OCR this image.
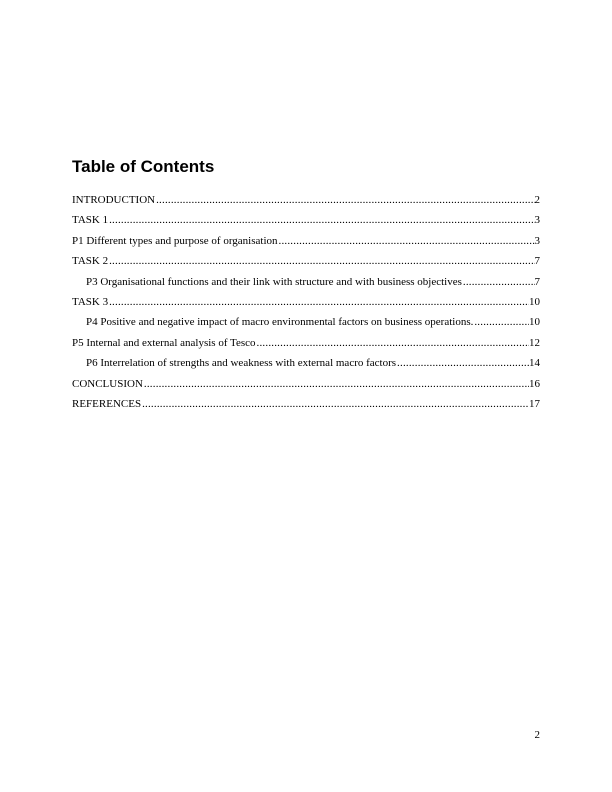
Table of Contents
INTRODUCTION .....	2
TASK 1 .....	3
P1 Different types and purpose of organisation .....	3
TASK 2 .....	7
P3 Organisational functions and their link with structure and with business objectives .....	7
TASK 3 .....	10
P4 Positive and negative impact of macro environmental factors on business operations. .....	10
P5 Internal and external analysis of Tesco .....	12
P6 Interrelation of strengths and weakness with external macro factors .....	14
CONCLUSION .....	16
REFERENCES .....	17
2
